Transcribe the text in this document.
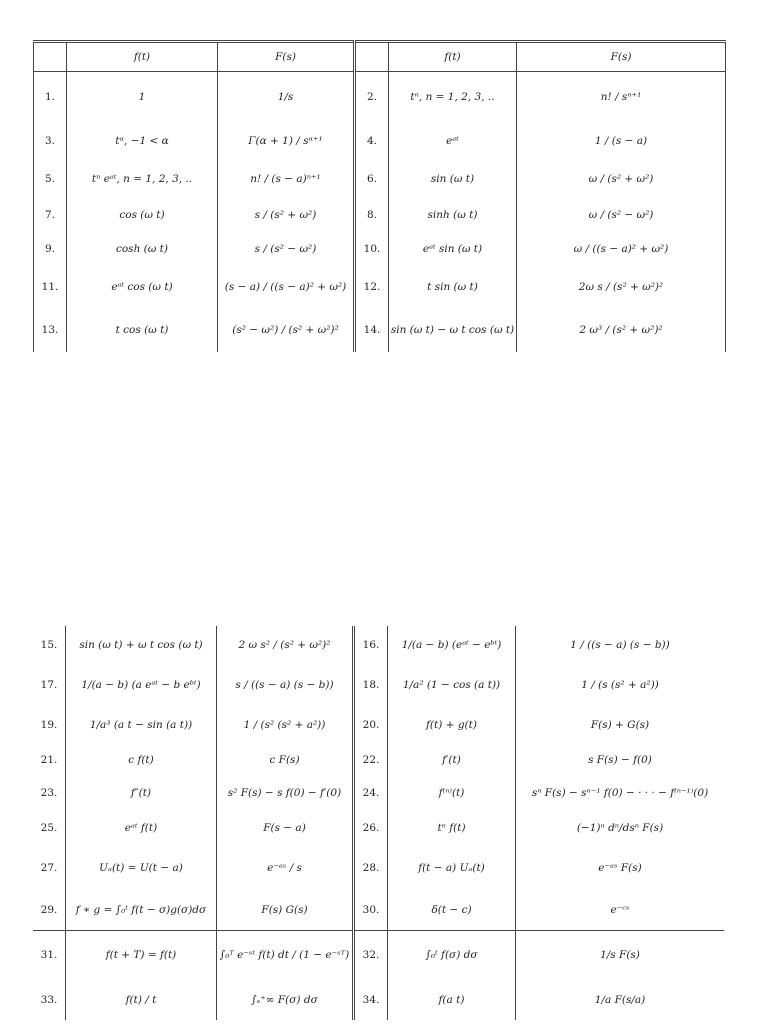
	f(t)	F(s)		f(t)	F(s)
1.	1	1/s	2.	tⁿ, n = 1, 2, 3, ..	n! / sⁿ⁺¹
3.	tᵅ, −1 < α	Γ(α + 1) / sᵅ⁺¹	4.	eᵃᵗ	1 / (s − a)
5.	tⁿ eᵃᵗ, n = 1, 2, 3, ..	n! / (s − a)ⁿ⁺¹	6.	sin (ω t)	ω / (s² + ω²)
7.	cos (ω t)	s / (s² + ω²)	8.	sinh (ω t)	ω / (s² − ω²)
9.	cosh (ω t)	s / (s² − ω²)	10.	eᵃᵗ sin (ω t)	ω / ((s − a)² + ω²)
11.	eᵃᵗ cos (ω t)	(s − a) / ((s − a)² + ω²)	12.	t sin (ω t)	2ω s / (s² + ω²)²
13.	t cos (ω t)	(s² − ω²) / (s² + ω²)²	14.	sin (ω t) − ω t cos (ω t)	2 ω³ / (s² + ω²)²
15.	sin (ω t) + ω t cos (ω t)	2 ω s² / (s² + ω²)²	16.	1/(a − b) (eᵃᵗ − eᵇᵗ)	1 / ((s − a) (s − b))
17.	1/(a − b) (a eᵃᵗ − b eᵇᵗ)	s / ((s − a) (s − b))	18.	1/a² (1 − cos (a t))	1 / (s (s² + a²))
19.	1/a³ (a t − sin (a t))	1 / (s² (s² + a²))	20.	f(t) + g(t)	F(s) + G(s)
21.	c f(t)	c F(s)	22.	f′(t)	s F(s) − f(0)
23.	f″(t)	s² F(s) − s f(0) − f′(0)	24.	f⁽ⁿ⁾(t)	sⁿ F(s) − sⁿ⁻¹ f(0) − · · · − f⁽ⁿ⁻¹⁾(0)
25.	eᵃᵗ f(t)	F(s − a)	26.	tⁿ f(t)	(−1)ⁿ dⁿ/dsⁿ F(s)
27.	Uₐ(t) = U(t − a)	e⁻ᵃˢ / s	28.	f(t − a) Uₐ(t)	e⁻ᵃˢ F(s)
29.	f ∗ g = ∫₀ᵗ f(t − σ)g(σ)dσ	F(s) G(s)	30.	δ(t − c)	e⁻ᶜˢ
31.	f(t + T) = f(t)	∫₀ᵀ e⁻ˢᵗ f(t) dt / (1 − e⁻ˢᵀ)	32.	∫₀ᵗ f(σ) dσ	1/s F(s)
33.	f(t) / t	∫ₛ⁺∞ F(σ) dσ	34.	f(a t)	1/a F(s/a)
